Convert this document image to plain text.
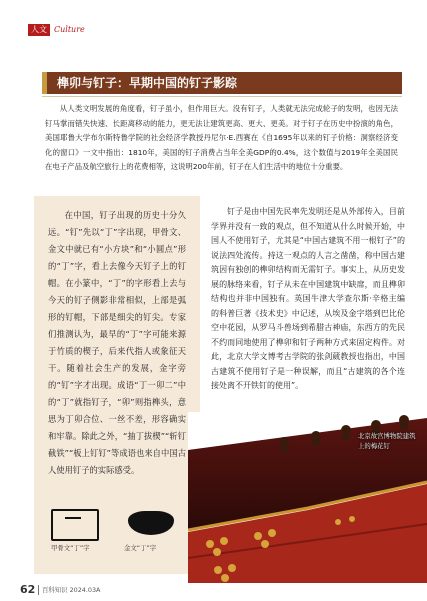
人文 Culture
榫卯与钉子：早期中国的钉子影踪
从人类文明发展的角度看，钉子虽小，但作用巨大。没有钉子，人类就无法完成轮子的发明，也因无法钉马掌而错失快速、长距离移动的能力，更无法让建筑更高、更大、更美。对于钉子在历史中扮演的角色，美国耶鲁大学布尔斯特鲁学院的社会经济学教授丹尼尔·E.西赛在《自1695年以来的钉子价格：洞察经济变化的窗口》一文中指出：1810年，美国的钉子消费占当年全美GDP的0.4%，这个数值与2019年全美国民在电子产品及航空旅行上的花费相等，这说明200年前，钉子在人们生活中的地位十分重要。
在中国，钉子出现的历史十分久远。“钉”先以“丁”字出现，甲骨文、金文中就已有“小方块”和“小圆点”形的“丁”字，看上去像今天钉子上的钉帽。在小篆中，“丁”的字形看上去与今天的钉子侧影非常相似，上部是弧形的钉帽，下部是细尖的钉尖。专家们推测认为，最早的“丁”字可能来源于竹质的楔子，后来代指人或象征天干。随着社会生产的发展，金字旁的“钉”字才出现。成语“丁一卯二”中的“丁”就指钉子，“卯”则指榫头，意思为丁卯合位、一丝不差，形容确实和牢靠。除此之外，“抽丁拔楔”“斩钉截铁”“板上钉钉”等成语也来自中国古人使用钉子的实际感受。
甲骨文“丁”字	金文“丁”字
钉子是由中国先民率先发明还是从外部传入，目前学界并没有一致的观点，但不知道从什么时候开始，中国人不使用钉子，尤其是“中国古建筑不用一根钉子”的说法四处流传。持这一观点的人言之凿凿，称中国古建筑因有独创的榫卯结构而无需钉子。事实上，从历史发展的脉络来看，钉子从未在中国建筑中缺席，而且榫卯结构也并非中国独有。英国牛津大学查尔斯·辛格主编的科普巨著《技术史》中记述，从埃及金字塔到巴比伦空中花园，从罗马斗兽场到希腊古神庙，东西方的先民不约而同地使用了榫卯和钉子两种方式来固定构件。对此，北京大学文博考古学院的张剑葳教授也指出，中国古建筑不使用钉子是一种误解，而且“古建筑的各个连接处离不开铁钉的使用”。
北京故宫博物院建筑上的梅花钉
62 百科知识 2024.03A
